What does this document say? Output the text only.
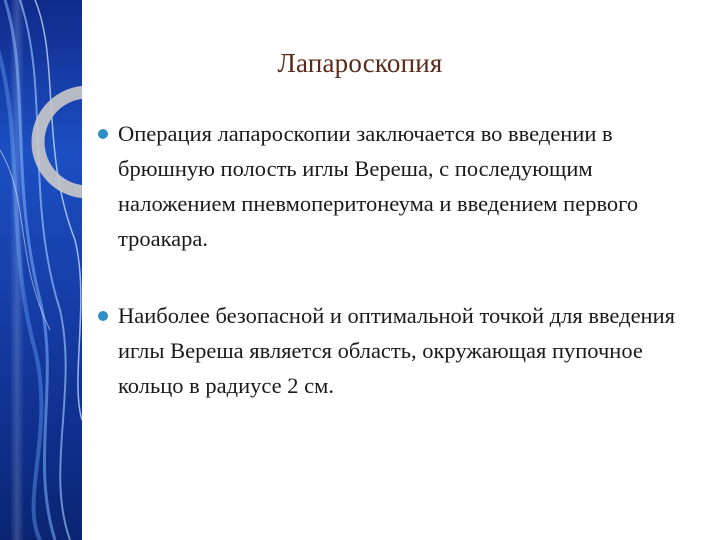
Лапароскопия
Операция лапароскопии заключается во введении в брюшную полость иглы Вереша, с последующим наложением пневмоперитонеума и введением первого троакара.
Наиболее безопасной и оптимальной точкой для введения иглы Вереша является область, окружающая пупочное кольцо в радиусе 2 см.
